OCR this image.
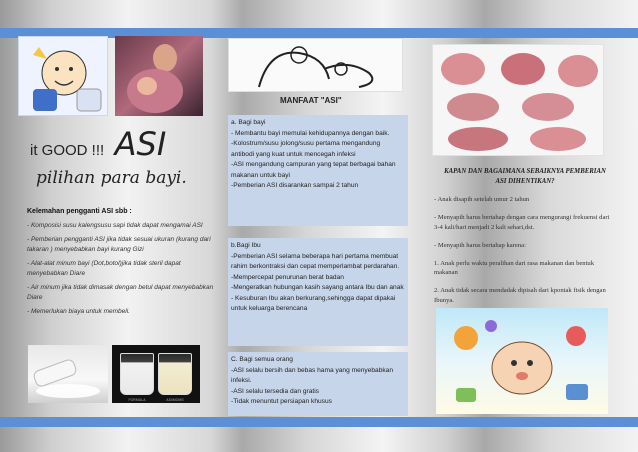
it GOOD !!! ASI
pilihan para bayi.
Kelemahan pengganti ASI sbb :

- Komposisi susu kalengsusu sapi tidak dapat mengamai ASI

- Pemberian pengganti ASI jika tidak sesuai ukuran (kurang dari takaran ) menyebabkan bayi kurang Gizi

- Alat-alat minum bayi (Dot,botol)jika tidak steril dapat menyebabkan Diare

- Air minum jika tidak dimasak dengan betul dapat menyebabkan Diare

- Memerlukan biaya untuk membeli.

FORMULA	ASI/MOMS
MANFAAT "ASI"

a. Bagi bayi

- Membantu bayi memulai kehidupannya dengan baik.

-Kolostrum/susu jolong/susu pertama mengandung antibodi yang kuat untuk mencegah infeksi

-ASI mengandung campuran yang tepat berbagai bahan makanan untuk bayi

-Pemberian ASI disarankan sampai 2 tahun

b.Bagi Ibu

-Pemberian ASI selama beberapa hari pertama membuat rahim berkontraksi dan cepat memperlambat perdarahan.

-Mempercepat penurunan berat badan

-Mengeratkan hubungan kasih sayang antara Ibu dan anak

- Kesuburan Ibu akan berkurang,sehingga dapat dipakai untuk keluarga berencana

C. Bagi semua orang

-ASI selalu bersih dan bebas hama yang menyebabkan infeksi.

-ASI selalu tersedia dan gratis

-Tidak menuntut persiapan khusus

KAPAN DAN BAGAIMANA SEBAIKNYA PEMBERIAN ASI DIHENTIKAN?

- Anak disapih setelah umur 2 tahun

- Menyapih harus bertahap dengan cara mengurangi frekuensi dari 3-4 kali/hari menjadi 2 kali sehari,dst.

- Menyapih harus bertahap karena:

1. Anak perlu waktu peralihan dari rasa makanan dan bentuk makanan

2. Anak tidak secara mendadak dipisah dari kpontak fisik dengan Ibunya.
